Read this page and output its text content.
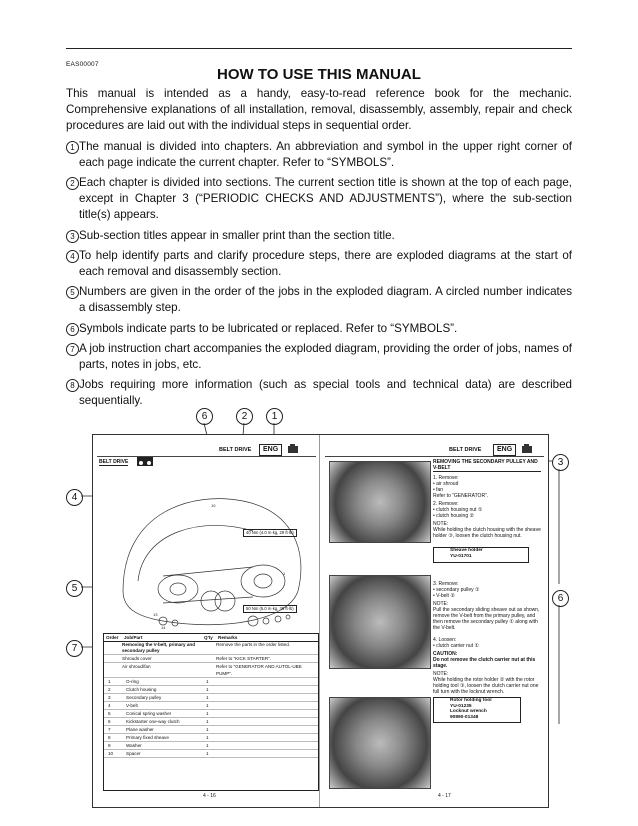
EAS00007
HOW TO USE THIS MANUAL

This manual is intended as a handy, easy-to-read reference book for the mechanic. Comprehensive explanations of all installation, removal, disassembly, assembly, repair and check procedures are laid out with the individual steps in sequential order.

1 The manual is divided into chapters. An abbreviation and symbol in the upper right corner of each page indicate the current chapter. Refer to “SYMBOLS”.

2 Each chapter is divided into sections. The current section title is shown at the top of each page, except in Chapter 3 (“PERIODIC CHECKS AND ADJUSTMENTS”), where the sub-section title(s) appears.

3 Sub-section titles appear in smaller print than the section title.

4 To help identify parts and clarify procedure steps, there are exploded diagrams at the start of each removal and disassembly section.

5 Numbers are given in the order of the jobs in the exploded diagram. A circled number indicates a disassembly step.

6 Symbols indicate parts to be lubricated or replaced. Refer to “SYMBOLS”.

7 A job instruction chart accompanies the exploded diagram, providing the order of jobs, names of parts, notes in jobs, etc.

8 Jobs requiring more information (such as special tools and technical data) are described sequentially.

6	2	1
3
4
5
6
7
BELT DRIVE	ENG
BELT DRIVE
10
13
14
1
40 Nm (4.0 m·kg, 29 ft·lb)
50 Nm (5.0 m·kg, 36 ft·lb)
Order	Job/Part	Q'ty	Remarks
Removing the V-belt, primary and secondary pulley
Remove the parts in the order listed.
Shrouds cover	Refer to “KICK STARTER”.
Air shroud/fan	Refer to “GENERATOR AND AUTOL-UBE PUMP”.
1	O-ring	1
2	Clutch housing	1
3	Secondary pulley	1
4	V-belt	1
5	Conical spring washer	1
6	Kickstarter one-way clutch	1
7	Plane washer	1
8	Primary fixed sheave	1
9	Washer	1
10	Spacer	1
4 - 16
BELT DRIVE	ENG
REMOVING THE SECONDARY PULLEY AND V-BELT
1. Remove:
• air shroud
• fan
Refer to “GENERATOR”.
2. Remove:
• clutch housing nut ①
• clutch housing ②
NOTE:
While holding the clutch housing with the sheave holder ③, loosen the clutch housing nut.
Sheave holder
YU-01701
3. Remove:
• secondary pulley ①
• V-belt ②
NOTE:
Pull the secondary sliding sheave out as shown, remove the V-belt from the primary pulley, and then remove the secondary pulley ① along with the V-belt.
4. Loosen:
• clutch carrier nut ①
CAUTION:
Do not remove the clutch carrier nut at this stage.
NOTE:
While holding the rotor holder ② with the rotor holding tool ③, loosen the clutch carrier nut one full turn with the locknut wrench.
Rotor holding tool
YU-01235
Locknut wrench
90890-01348
4 - 17
